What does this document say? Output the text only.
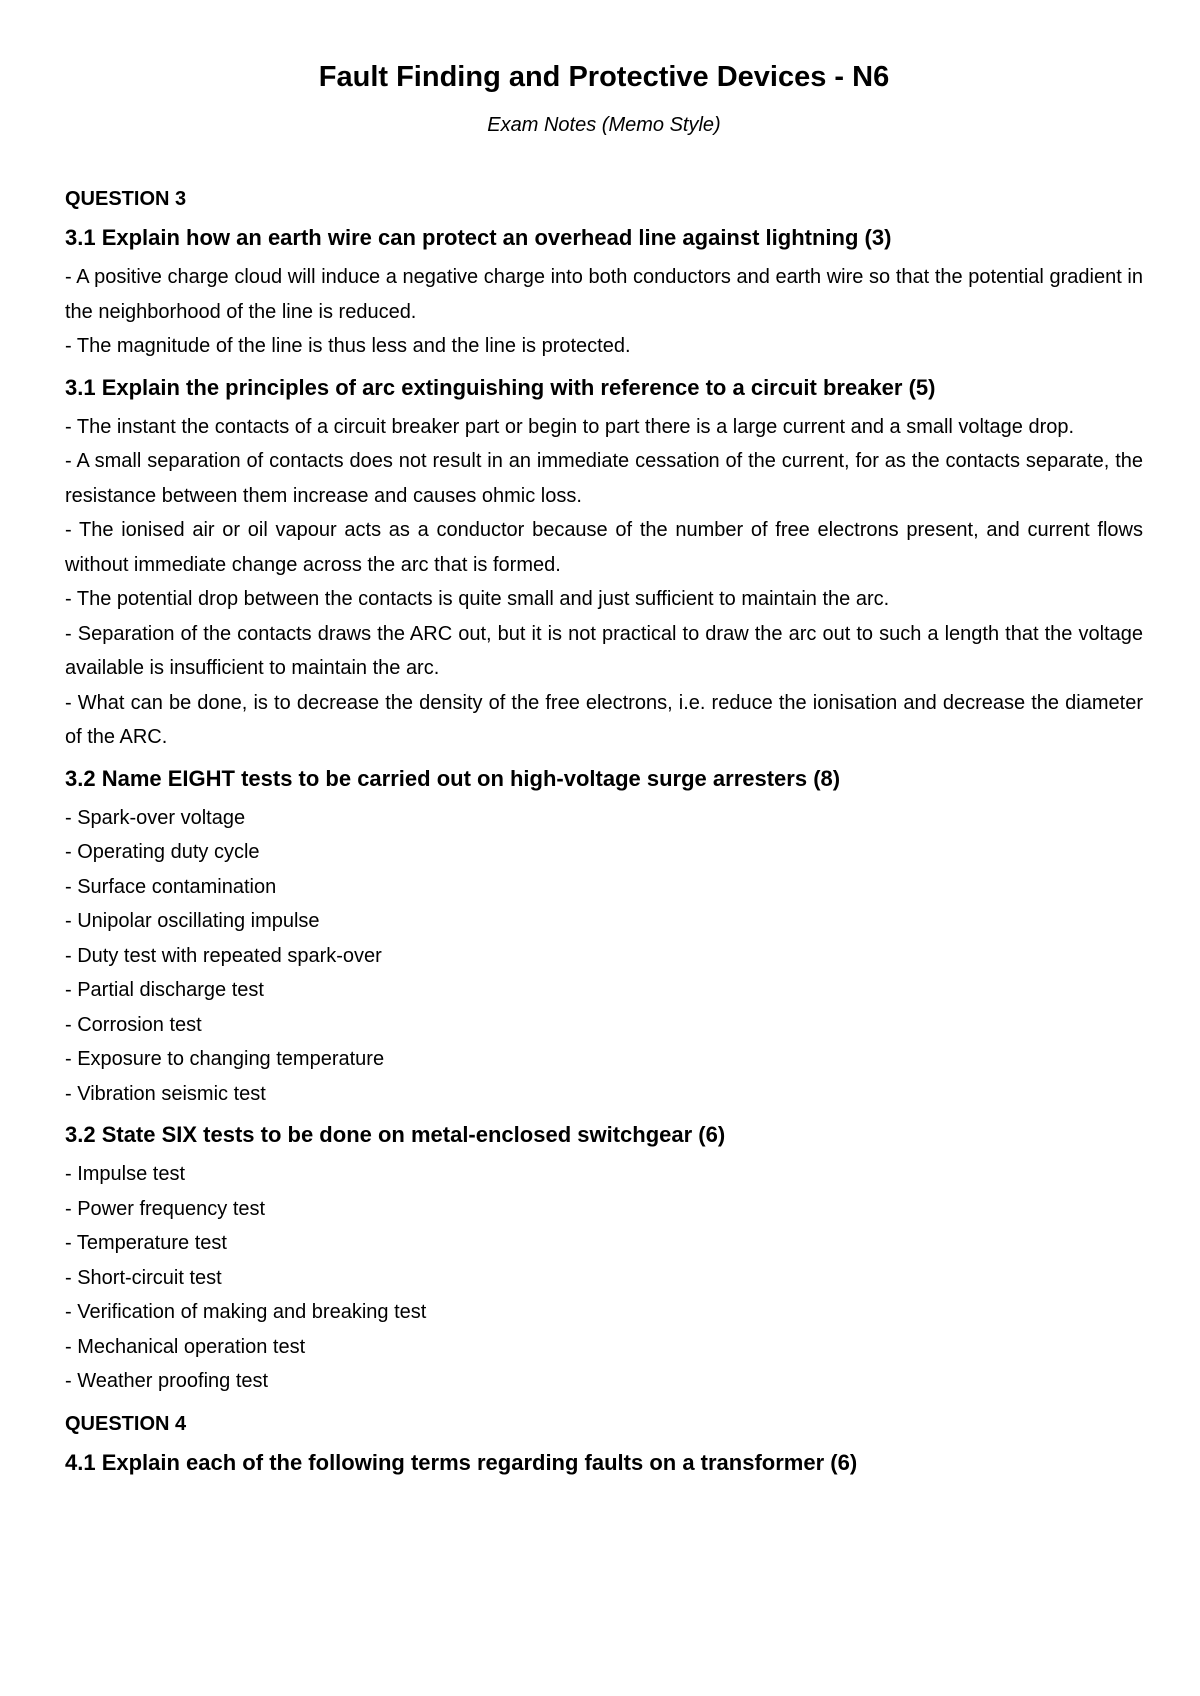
Fault Finding and Protective Devices - N6

Exam Notes (Memo Style)

QUESTION 3

3.1 Explain how an earth wire can protect an overhead line against lightning (3)

- A positive charge cloud will induce a negative charge into both conductors and earth wire so that the potential gradient in the neighborhood of the line is reduced.

- The magnitude of the line is thus less and the line is protected.

3.1 Explain the principles of arc extinguishing with reference to a circuit breaker (5)

- The instant the contacts of a circuit breaker part or begin to part there is a large current and a small voltage drop.

- A small separation of contacts does not result in an immediate cessation of the current, for as the contacts separate, the resistance between them increase and causes ohmic loss.

- The ionised air or oil vapour acts as a conductor because of the number of free electrons present, and current flows without immediate change across the arc that is formed.

- The potential drop between the contacts is quite small and just sufficient to maintain the arc.

- Separation of the contacts draws the ARC out, but it is not practical to draw the arc out to such a length that the voltage available is insufficient to maintain the arc.

- What can be done, is to decrease the density of the free electrons, i.e. reduce the ionisation and decrease the diameter of the ARC.

3.2 Name EIGHT tests to be carried out on high-voltage surge arresters (8)

- Spark-over voltage

- Operating duty cycle

- Surface contamination

- Unipolar oscillating impulse

- Duty test with repeated spark-over

- Partial discharge test

- Corrosion test

- Exposure to changing temperature

- Vibration seismic test

3.2 State SIX tests to be done on metal-enclosed switchgear (6)

- Impulse test

- Power frequency test

- Temperature test

- Short-circuit test

- Verification of making and breaking test

- Mechanical operation test

- Weather proofing test

QUESTION 4

4.1 Explain each of the following terms regarding faults on a transformer (6)
